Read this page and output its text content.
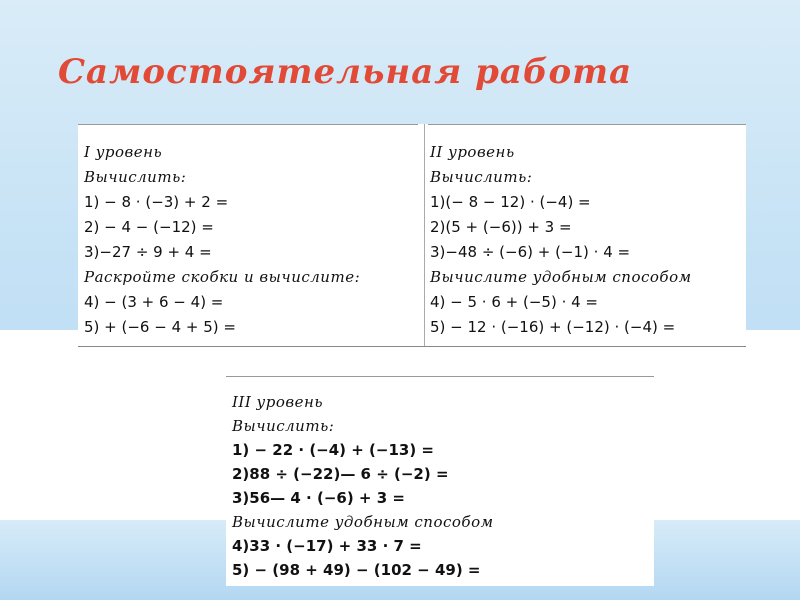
Самостоятельная работа
I уровень
Вычислить:
1) − 8 · (−3) + 2 =
2) − 4 − (−12) =
3)−27 ÷ 9 + 4 =
Раскройте скобки и вычислите:
4) − (3 + 6 − 4) =
5) + (−6 − 4 + 5) =
II уровень
Вычислить:
1)(− 8 − 12) · (−4) =
2)(5 + (−6)) + 3 =
3)−48 ÷ (−6) + (−1) · 4 =
Вычислите удобным способом
4) − 5 · 6 + (−5) · 4 =
5) − 12 · (−16) + (−12) · (−4) =
III уровень
Вычислить:
1) − 22 · (−4) + (−13) =
2)88 ÷ (−22)— 6 ÷ (−2) =
3)56— 4 · (−6) + 3 =
Вычислите удобным способом
4)33 · (−17) + 33 · 7 =
5) − (98 + 49) − (102 − 49) =
